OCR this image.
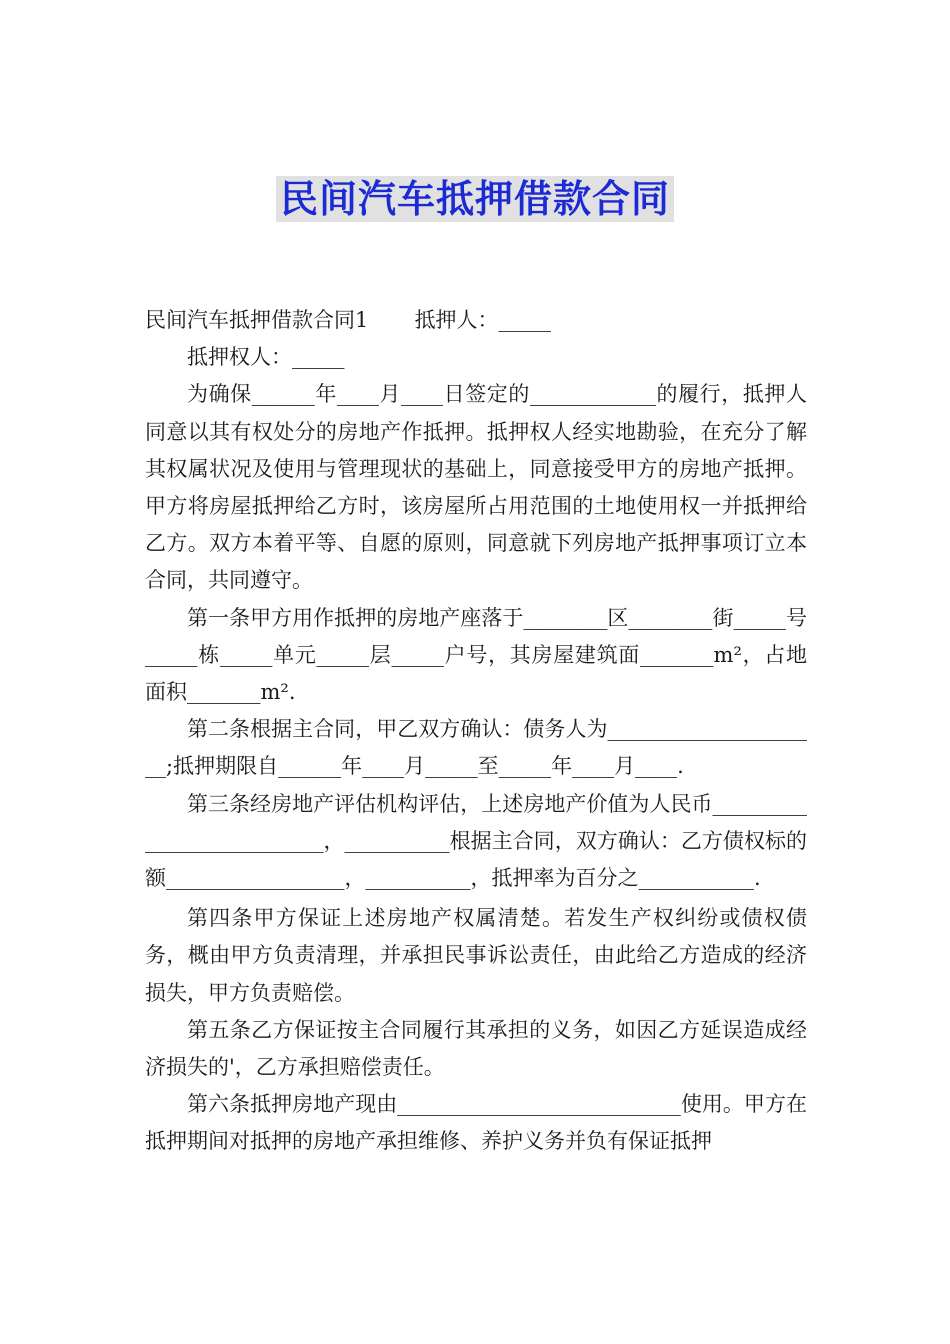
民间汽车抵押借款合同

民间汽车抵押借款合同1 抵押人：_____

抵押权人：_____

为确保______年____月____日签定的____________的履行，抵押人同意以其有权处分的房地产作抵押。抵押权人经实地勘验，在充分了解其权属状况及使用与管理现状的基础上，同意接受甲方的房地产抵押。甲方将房屋抵押给乙方时，该房屋所占用范围的土地使用权一并抵押给乙方。双方本着平等、自愿的原则，同意就下列房地产抵押事项订立本合同，共同遵守。

第一条甲方用作抵押的房地产座落于________区________街_____号_____栋_____单元_____层_____户号，其房屋建筑面_______m²，占地面积_______m².

第二条根据主合同，甲乙双方确认：债务人为_____________________;抵押期限自______年____月_____至_____年____月____.

第三条经房地产评估机构评估，上述房地产价值为人民币__________________________，__________根据主合同，双方确认：乙方债权标的额_________________，__________，抵押率为百分之___________.

第四条甲方保证上述房地产权属清楚。若发生产权纠纷或债权债务，概由甲方负责清理，并承担民事诉讼责任，由此给乙方造成的经济损失，甲方负责赔偿。

第五条乙方保证按主合同履行其承担的义务，如因乙方延误造成经济损失的'，乙方承担赔偿责任。

第六条抵押房地产现由___________________________使用。甲方在抵押期间对抵押的房地产承担维修、养护义务并负有保证抵押
